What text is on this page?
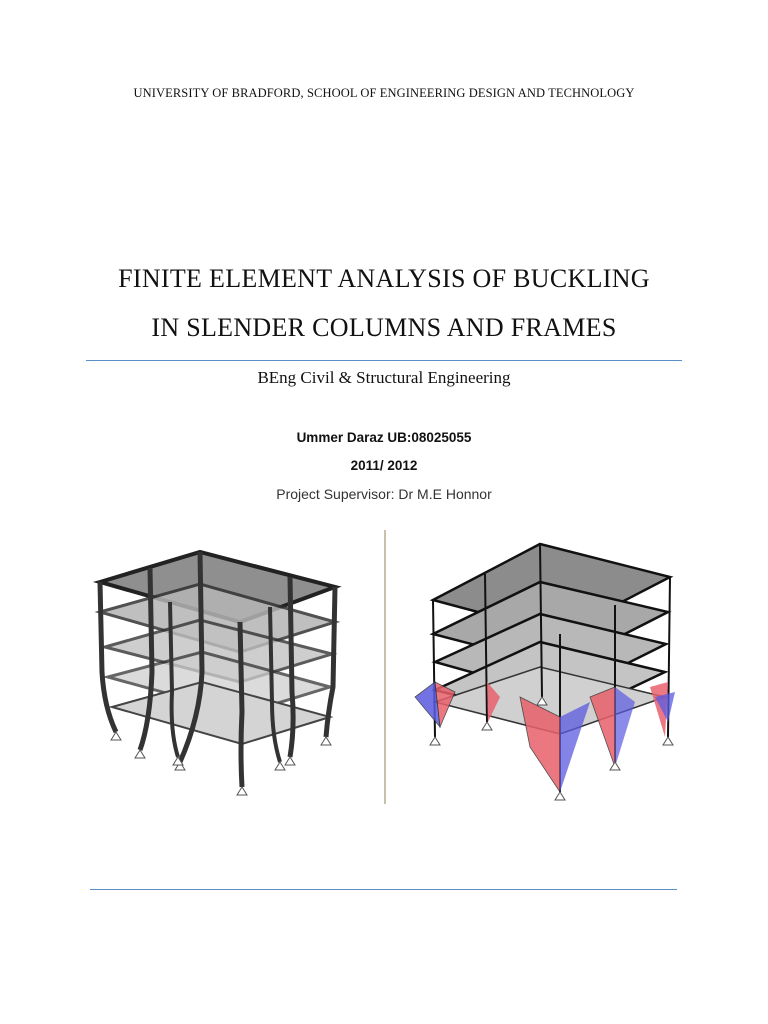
UNIVERSITY OF BRADFORD, SCHOOL OF ENGINEERING DESIGN AND TECHNOLOGY
FINITE ELEMENT ANALYSIS OF BUCKLING
IN SLENDER COLUMNS AND FRAMES
BEng Civil & Structural Engineering
Ummer Daraz UB:08025055
2011/ 2012
Project Supervisor: Dr M.E Honnor
